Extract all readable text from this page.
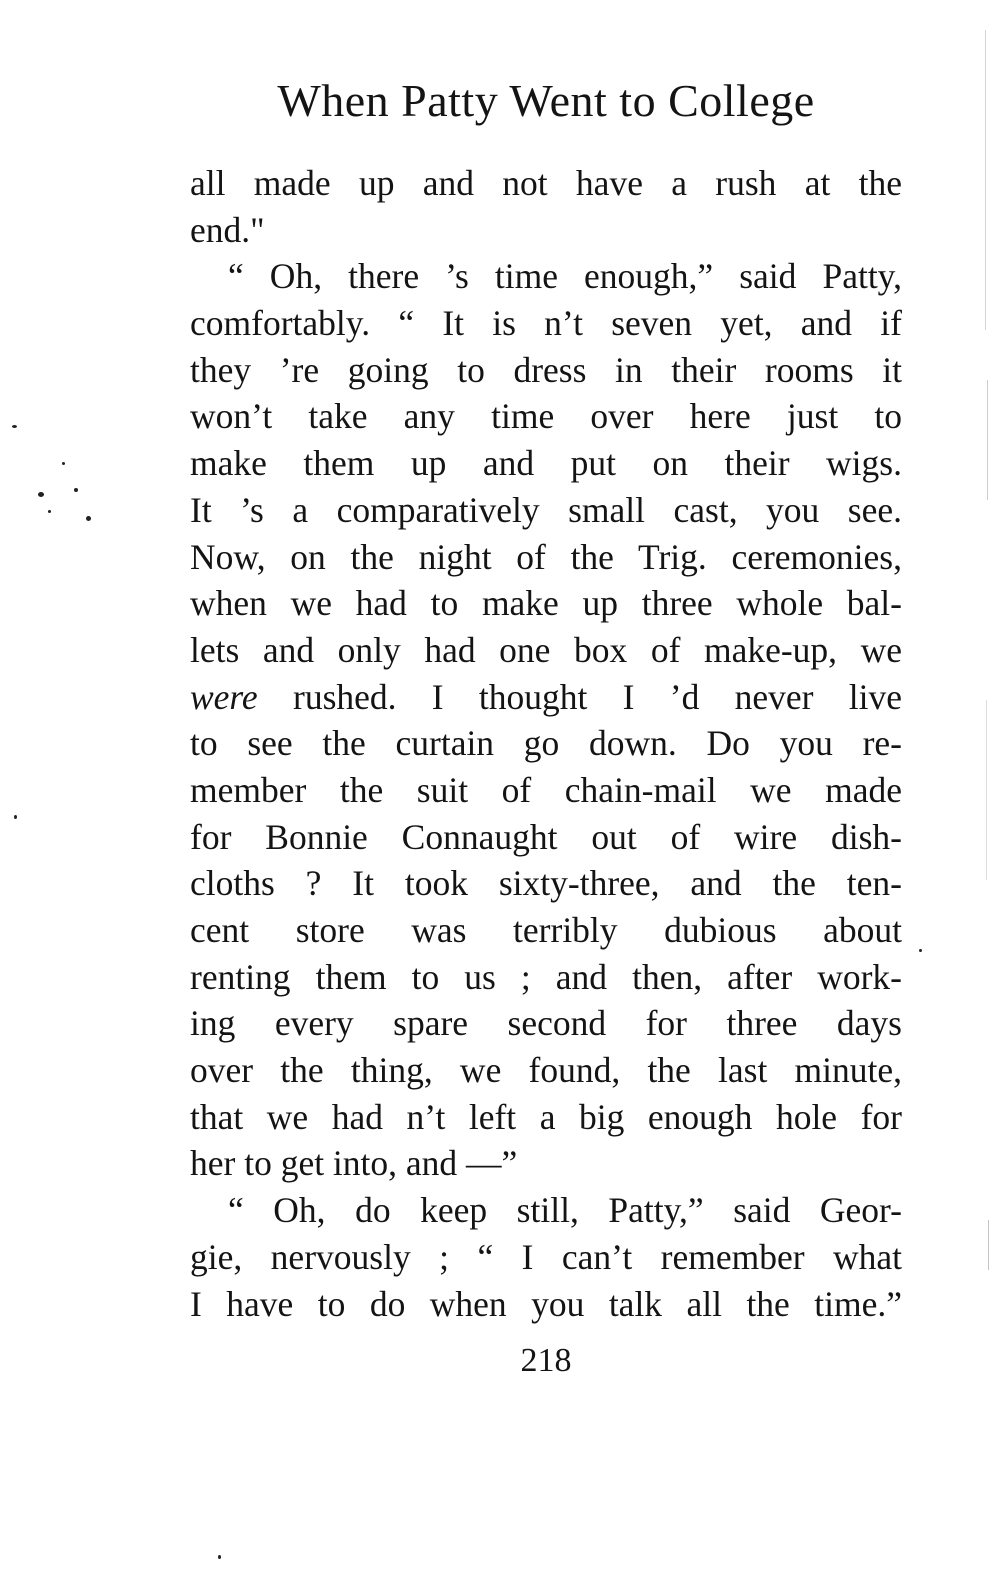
When Patty Went to College
all made up and not have a rush at the
end."
“ Oh, there ’s time enough,” said Patty,
comfortably. “ It is n’t seven yet, and if
they ’re going to dress in their rooms it
won’t take any time over here just to
make them up and put on their wigs.
It ’s a comparatively small cast, you see.
Now, on the night of the Trig. ceremonies,
when we had to make up three whole bal-
lets and only had one box of make-up, we
were rushed. I thought I ’d never live
to see the curtain go down. Do you re-
member the suit of chain-mail we made
for Bonnie Connaught out of wire dish-
cloths ? It took sixty-three, and the ten-
cent store was terribly dubious about
renting them to us ; and then, after work-
ing every spare second for three days
over the thing, we found, the last minute,
that we had n’t left a big enough hole for
her to get into, and —”
“ Oh, do keep still, Patty,” said Geor-
gie, nervously ; “ I can’t remember what
I have to do when you talk all the time.”
218
